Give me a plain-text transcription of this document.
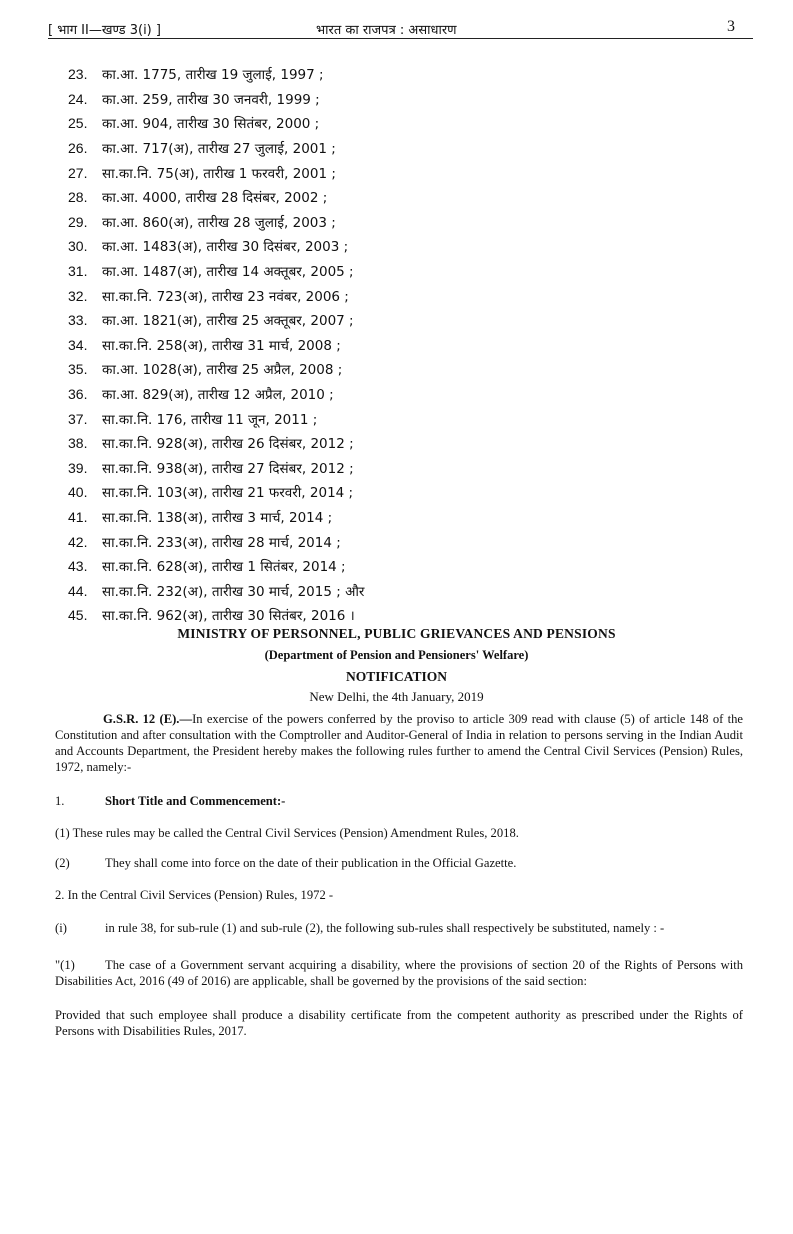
[ भाग II—खण्ड 3(i) ]	भारत का राजपत्र : असाधारण	3
23.	का.आ. 1775, तारीख 19 जुलाई, 1997 ;
24.	का.आ. 259, तारीख 30 जनवरी, 1999 ;
25.	का.आ. 904, तारीख 30 सितंबर, 2000 ;
26.	का.आ. 717(अ), तारीख 27 जुलाई, 2001 ;
27.	सा.का.नि. 75(अ), तारीख 1 फरवरी, 2001 ;
28.	का.आ. 4000, तारीख 28 दिसंबर, 2002 ;
29.	का.आ. 860(अ), तारीख 28 जुलाई, 2003 ;
30.	का.आ. 1483(अ), तारीख 30 दिसंबर, 2003 ;
31.	का.आ. 1487(अ), तारीख 14 अक्तूबर, 2005 ;
32.	सा.का.नि. 723(अ), तारीख 23 नवंबर, 2006 ;
33.	का.आ. 1821(अ), तारीख 25 अक्तूबर, 2007 ;
34.	सा.का.नि. 258(अ), तारीख 31 मार्च, 2008 ;
35.	का.आ. 1028(अ), तारीख 25 अप्रैल, 2008 ;
36.	का.आ. 829(अ), तारीख 12 अप्रैल, 2010 ;
37.	सा.का.नि. 176, तारीख 11 जून, 2011 ;
38.	सा.का.नि. 928(अ), तारीख 26 दिसंबर, 2012 ;
39.	सा.का.नि. 938(अ), तारीख 27 दिसंबर, 2012 ;
40.	सा.का.नि. 103(अ), तारीख 21 फरवरी, 2014 ;
41.	सा.का.नि. 138(अ), तारीख 3 मार्च, 2014 ;
42.	सा.का.नि. 233(अ), तारीख 28 मार्च, 2014 ;
43.	सा.का.नि. 628(अ), तारीख 1 सितंबर, 2014 ;
44.	सा.का.नि. 232(अ), तारीख 30 मार्च, 2015 ; और
45.	सा.का.नि. 962(अ), तारीख 30 सितंबर, 2016 ।
MINISTRY OF PERSONNEL, PUBLIC GRIEVANCES AND PENSIONS
(Department of Pension and Pensioners' Welfare)
NOTIFICATION
New Delhi, the 4th January, 2019
G.S.R. 12 (E).—In exercise of the powers conferred by the proviso to article 309 read with clause (5) of article 148 of the Constitution and after consultation with the Comptroller and Auditor-General of India in relation to persons serving in the Indian Audit and Accounts Department, the President hereby makes the following rules further to amend the Central Civil Services (Pension) Rules, 1972, namely:-
1.	Short Title and Commencement:-
(1) These rules may be called the Central Civil Services (Pension) Amendment Rules, 2018.
(2)	They shall come into force on the date of their publication in the Official Gazette.
2. In the Central Civil Services (Pension) Rules, 1972 -
(i)	in rule 38, for sub-rule (1) and sub-rule (2), the following sub-rules shall respectively be substituted, namely : -
"(1) The case of a Government servant acquiring a disability, where the provisions of section 20 of the Rights of Persons with Disabilities Act, 2016 (49 of 2016) are applicable, shall be governed by the provisions of the said section:
Provided that such employee shall produce a disability certificate from the competent authority as prescribed under the Rights of Persons with Disabilities Rules, 2017.
